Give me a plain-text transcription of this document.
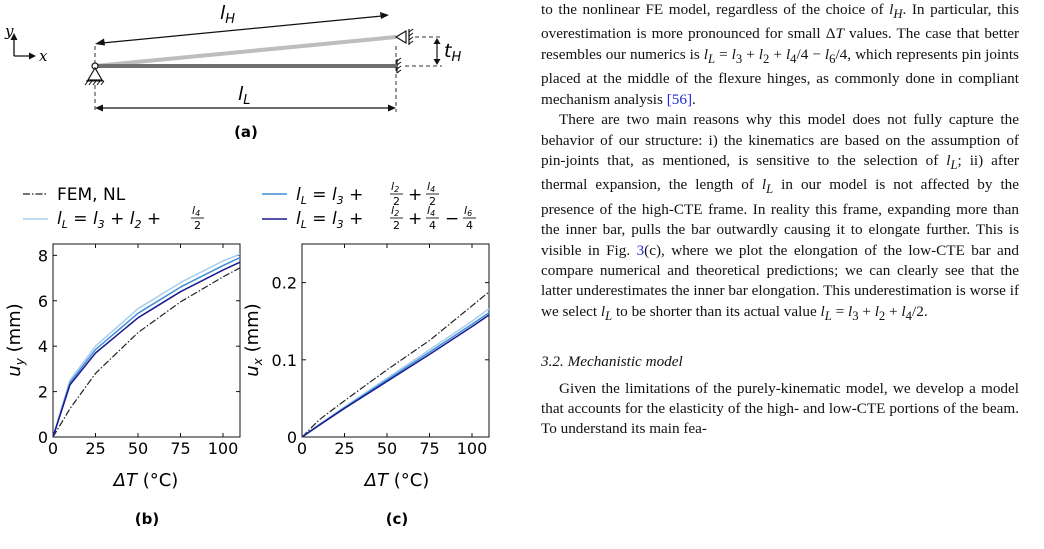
y
x
$l_H$
$t_H$
$l_L$
(a)
FEM, NL
$l_L = l_3 + l_2$ +	l4
2
$l_L = l_3$ +	l2
2 + l4
2
$l_L = l_3$ +	l2
2 + l4
4 − l6
4
0 25 50 75 100
0
2
4
6
8
$u_y$ (mm)
ΔT (°C)
(b)
0 25 50 75 100
0
0.1
0.2
$u_x$ (mm)
ΔT (°C)
(c)

to the nonlinear FE model, regardless of the choice of $l_H$. In particular, this overestimation is more pronounced for small ΔT values. The case that better resembles our numerics is $l_L = l_3 + l_2 + l_4/4 - l_6/4$, which represents pin joints placed at the middle of the flexure hinges, as commonly done in compliant mechanism analysis [56].

There are two main reasons why this model does not fully capture the behavior of our structure: i) the kinematics are based on the assumption of pin-joints that, as mentioned, is sensitive to the selection of $l_L$; ii) after thermal expansion, the length of $l_L$ in our model is not affected by the presence of the high-CTE frame. In reality this frame, expanding more than the inner bar, pulls the bar outwardly causing it to elongate further. This is visible in Fig. 3(c), where we plot the elongation of the low-CTE bar and compare numerical and theoretical predictions; we can clearly see that the latter underestimates the inner bar elongation. This underestimation is worse if we select $l_L$ to be shorter than its actual value $l_L = l_3 + l_2 + l_4/2$.

3.2. Mechanistic model

Given the limitations of the purely-kinematic model, we develop a model that accounts for the elasticity of the high- and low-CTE portions of the beam. To understand its main fea-
